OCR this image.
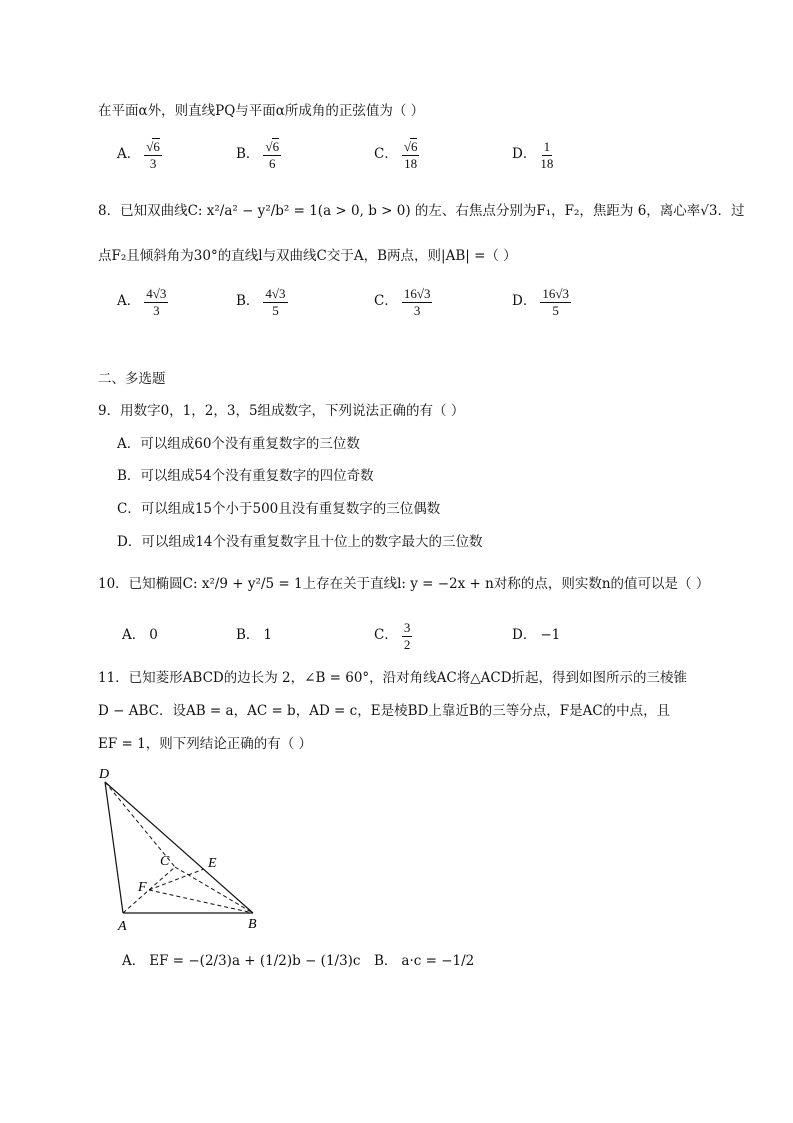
在平面α外，则直线PQ与平面α所成角的正弦值为（ ）
A． $\frac{√6}{3}$	B． $\frac{√6}{6}$	C． $\frac{√6}{18}$	D． $\frac{1}{18}$
8．已知双曲线C: x²/a² − y²/b² = 1(a > 0, b > 0) 的左、右焦点分别为F₁，F₂，焦距为 6，离心率√3．过
点F₂且倾斜角为30°的直线l与双曲线C交于A，B两点，则|AB| =（ ）
A． $\frac{4√3}{3}$	B． $\frac{4√3}{5}$	C． $\frac{16√3}{3}$	D． $\frac{16√3}{5}$
二、多选题
9．用数字0，1，2，3，5组成数字，下列说法正确的有（ ）
A．可以组成60个没有重复数字的三位数
B．可以组成54个没有重复数字的四位奇数
C．可以组成15个小于500且没有重复数字的三位偶数
D．可以组成14个没有重复数字且十位上的数字最大的三位数
10．已知椭圆C: x²/9 + y²/5 = 1上存在关于直线l: y = −2x + n对称的点，则实数n的值可以是（ ）
A． 0	B． 1	C． $\frac{3}{2}$	D． −1
11．已知菱形ABCD的边长为 2，∠B = 60°，沿对角线AC将△ACD折起，得到如图所示的三棱锥
D − ABC．设AB = a，AC = b，AD = c，E是棱BD上靠近B的三等分点，F是AC的中点，且
EF = 1，则下列结论正确的有（ ）
D
C	E
F
A	B
A． EF = −(2/3)a + (1/2)b − (1/3)c B． a·c = −1/2
